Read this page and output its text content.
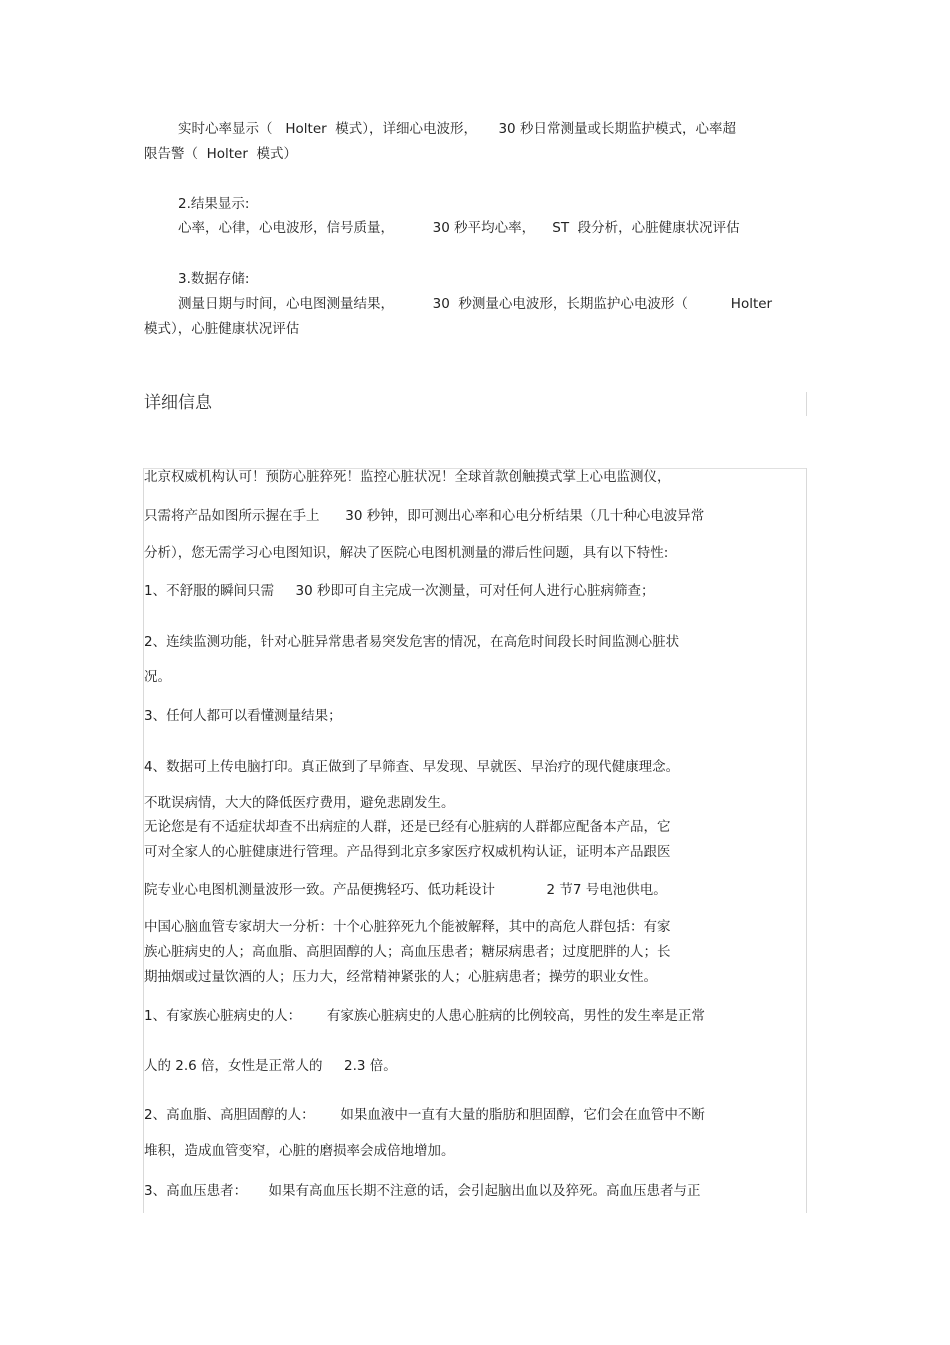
实时心率显示（   Holter  模式），详细心电波形，     30 秒日常测量或长期监护模式，心率超
限告警（  Holter  模式）
2.结果显示:
心率，心律，心电波形，信号质量，         30 秒平均心率，    ST  段分析，心脏健康状况评估
3.数据存储:
测量日期与时间，心电图测量结果，         30  秒测量心电波形，长期监护心电波形（          Holter
模式），心脏健康状况评估
详细信息
北京权威机构认可！预防心脏猝死！监控心脏状况！全球首款创触摸式掌上心电监测仪，
只需将产品如图所示握在手上      30 秒钟，即可测出心率和心电分析结果（几十种心电波异常
分析），您无需学习心电图知识，解决了医院心电图机测量的滞后性问题，具有以下特性:
1、不舒服的瞬间只需     30 秒即可自主完成一次测量，可对任何人进行心脏病筛查；
2、连续监测功能，针对心脏异常患者易突发危害的情况，在高危时间段长时间监测心脏状
况。
3、任何人都可以看懂测量结果；
4、数据可上传电脑打印。真正做到了早筛查、早发现、早就医、早治疗的现代健康理念。
不耽误病情，大大的降低医疗费用，避免悲剧发生。
无论您是有不适症状却查不出病症的人群，还是已经有心脏病的人群都应配备本产品，它
可对全家人的心脏健康进行管理。产品得到北京多家医疗权威机构认证，证明本产品跟医
院专业心电图机测量波形一致。产品便携轻巧、低功耗设计            2 节7 号电池供电。
中国心脑血管专家胡大一分析：十个心脏猝死九个能被解释，其中的高危人群包括：有家
族心脏病史的人；高血脂、高胆固醇的人；高血压患者；糖尿病患者；过度肥胖的人；长
期抽烟或过量饮酒的人；压力大，经常精神紧张的人；心脏病患者；操劳的职业女性。
1、有家族心脏病史的人：      有家族心脏病史的人患心脏病的比例较高，男性的发生率是正常
人的 2.6 倍，女性是正常人的     2.3 倍。
2、高血脂、高胆固醇的人：      如果血液中一直有大量的脂肪和胆固醇，它们会在血管中不断
堆积，造成血管变窄，心脏的磨损率会成倍地增加。
3、高血压患者：     如果有高血压长期不注意的话，会引起脑出血以及猝死。高血压患者与正
